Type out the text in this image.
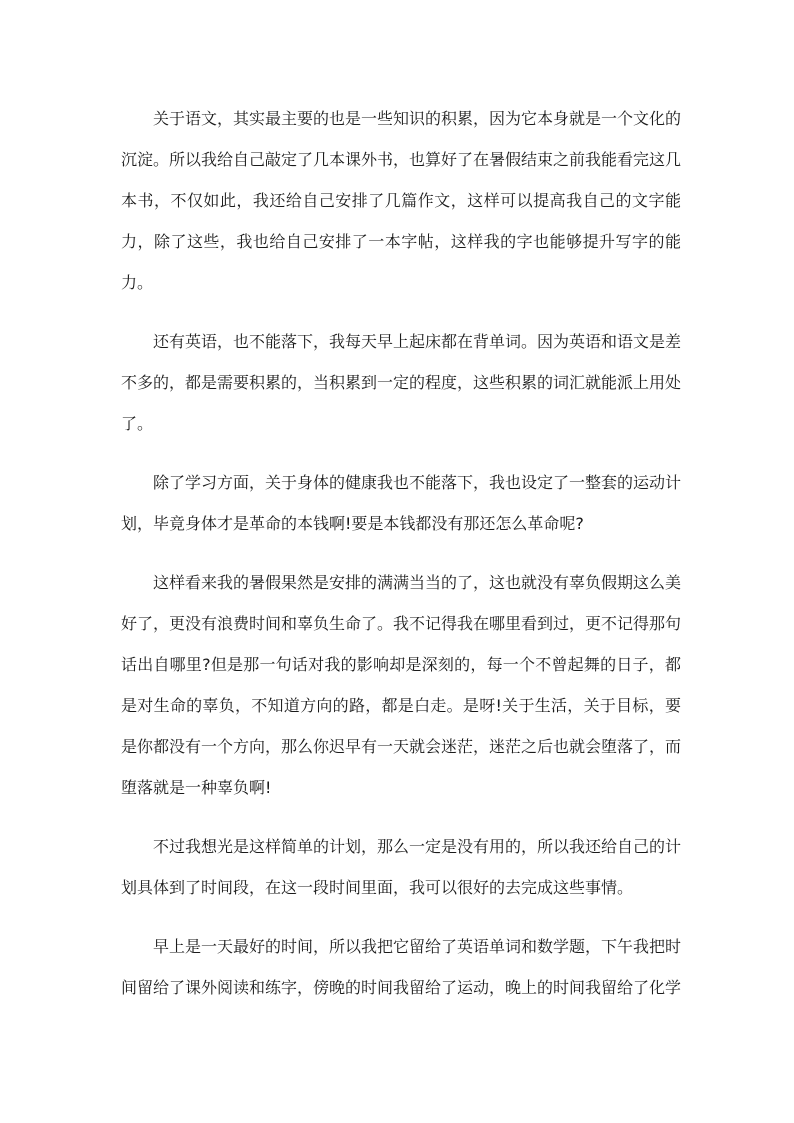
关于语文，其实最主要的也是一些知识的积累，因为它本身就是一个文化的沉淀。所以我给自己敲定了几本课外书，也算好了在暑假结束之前我能看完这几本书，不仅如此，我还给自己安排了几篇作文，这样可以提高我自己的文字能力，除了这些，我也给自己安排了一本字帖，这样我的字也能够提升写字的能力。

还有英语，也不能落下，我每天早上起床都在背单词。因为英语和语文是差不多的，都是需要积累的，当积累到一定的程度，这些积累的词汇就能派上用处了。

除了学习方面，关于身体的健康我也不能落下，我也设定了一整套的运动计划，毕竟身体才是革命的本钱啊!要是本钱都没有那还怎么革命呢?

这样看来我的暑假果然是安排的满满当当的了，这也就没有辜负假期这么美好了，更没有浪费时间和辜负生命了。我不记得我在哪里看到过，更不记得那句话出自哪里?但是那一句话对我的影响却是深刻的，每一个不曾起舞的日子，都是对生命的辜负，不知道方向的路，都是白走。是呀!关于生活，关于目标，要是你都没有一个方向，那么你迟早有一天就会迷茫，迷茫之后也就会堕落了，而堕落就是一种辜负啊!

不过我想光是这样简单的计划，那么一定是没有用的，所以我还给自己的计划具体到了时间段，在这一段时间里面，我可以很好的去完成这些事情。

早上是一天最好的时间，所以我把它留给了英语单词和数学题，下午我把时间留给了课外阅读和练字，傍晚的时间我留给了运动，晚上的时间我留给了化学
